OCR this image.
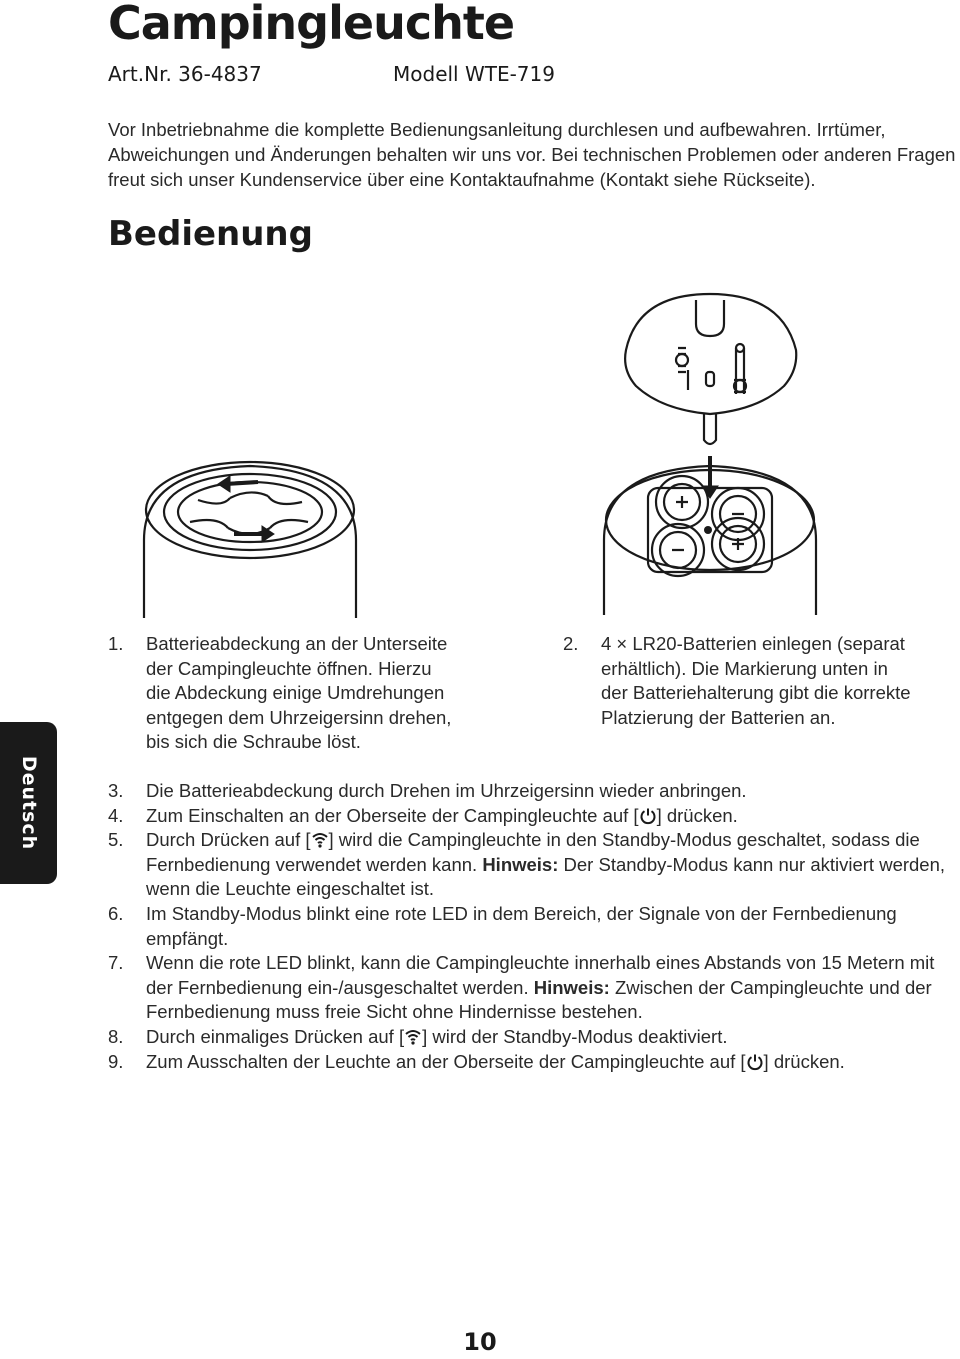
Campingleuchte
Art.Nr. 36-4837	Modell WTE-719

Vor Inbetriebnahme die komplette Bedienungsanleitung durchlesen und aufbewahren. Irrtümer, Abweichungen und Änderungen behalten wir uns vor. Bei technischen Problemen oder anderen Fragen freut sich unser Kundenservice über eine Kontaktaufnahme (Kontakt siehe Rückseite).

Bedienung
1. Batterieabdeckung an der Unterseite
der Campingleuchte öffnen. Hierzu
die Abdeckung einige Umdrehungen
entgegen dem Uhrzeigersinn drehen,
bis sich die Schraube löst.
2. 4 × LR20-Batterien einlegen (separat
erhältlich). Die Markierung unten in
der Batteriehalterung gibt die korrekte
Platzierung der Batterien an.
3. Die Batterieabdeckung durch Drehen im Uhrzeigersinn wieder anbringen.
4. Zum Einschalten an der Oberseite der Campingleuchte auf [ ] drücken.
5. Durch Drücken auf [ ] wird die Campingleuchte in den Standby-Modus geschaltet, sodass die Fernbedienung verwendet werden kann. Hinweis: Der Standby-Modus kann nur aktiviert werden, wenn die Leuchte eingeschaltet ist.
6. Im Standby-Modus blinkt eine rote LED in dem Bereich, der Signale von der Fernbedienung empfängt.
7. Wenn die rote LED blinkt, kann die Campingleuchte innerhalb eines Abstands von 15 Metern mit der Fernbedienung ein-/ausgeschaltet werden. Hinweis: Zwischen der Campingleuchte und der Fernbedienung muss freie Sicht ohne Hindernisse bestehen.
8. Durch einmaliges Drücken auf [ ] wird der Standby-Modus deaktiviert.
9. Zum Ausschalten der Leuchte an der Oberseite der Campingleuchte auf [ ] drücken.
Deutsch
10
